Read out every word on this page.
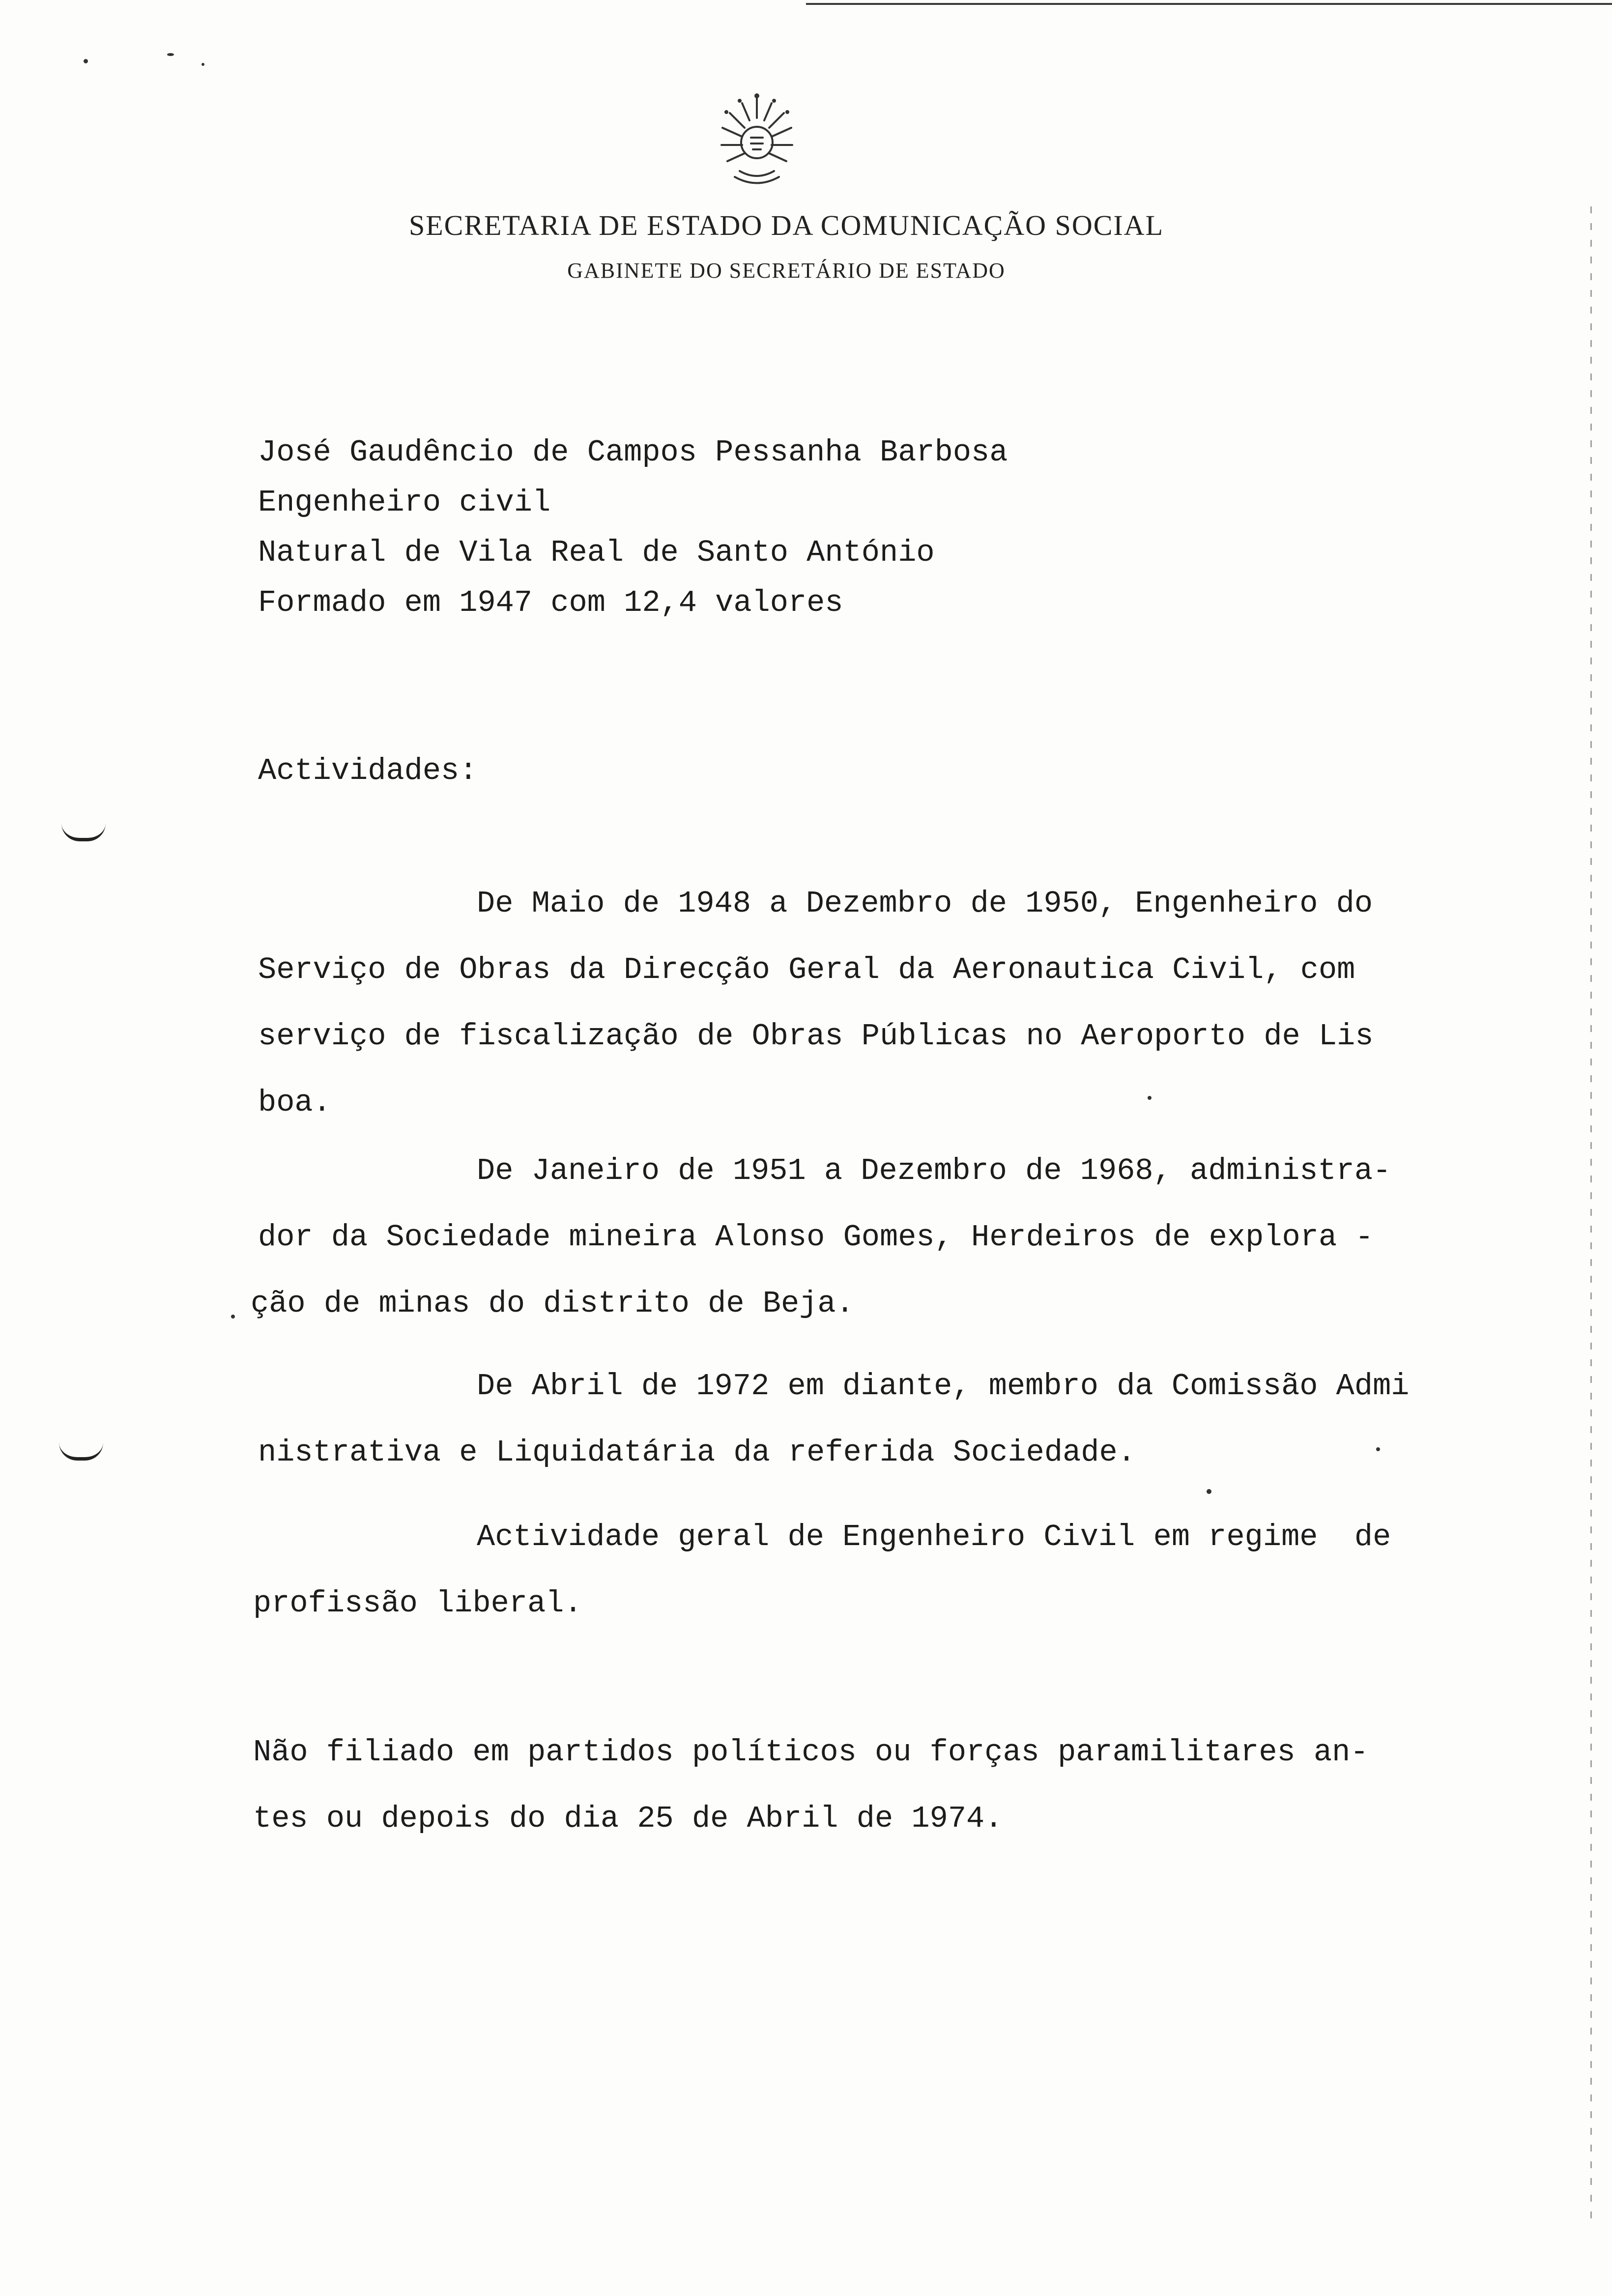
SECRETARIA DE ESTADO DA COMUNICAÇÃO SOCIAL
GABINETE DO SECRETÁRIO DE ESTADO
José Gaudêncio de Campos Pessanha Barbosa
Engenheiro civil
Natural de Vila Real de Santo António
Formado em 1947 com 12,4 valores
Actividades:
De Maio de 1948 a Dezembro de 1950, Engenheiro do
Serviço de Obras da Direcção Geral da Aeronautica Civil, com
serviço de fiscalização de Obras Públicas no Aeroporto de Lis
boa.
De Janeiro de 1951 a Dezembro de 1968, administra-
dor da Sociedade mineira Alonso Gomes, Herdeiros de explora -
ção de minas do distrito de Beja.
De Abril de 1972 em diante, membro da Comissão Admi
nistrativa e Liquidatária da referida Sociedade.
Actividade geral de Engenheiro Civil em regime  de
profissão liberal.
Não filiado em partidos políticos ou forças paramilitares an-
tes ou depois do dia 25 de Abril de 1974.
